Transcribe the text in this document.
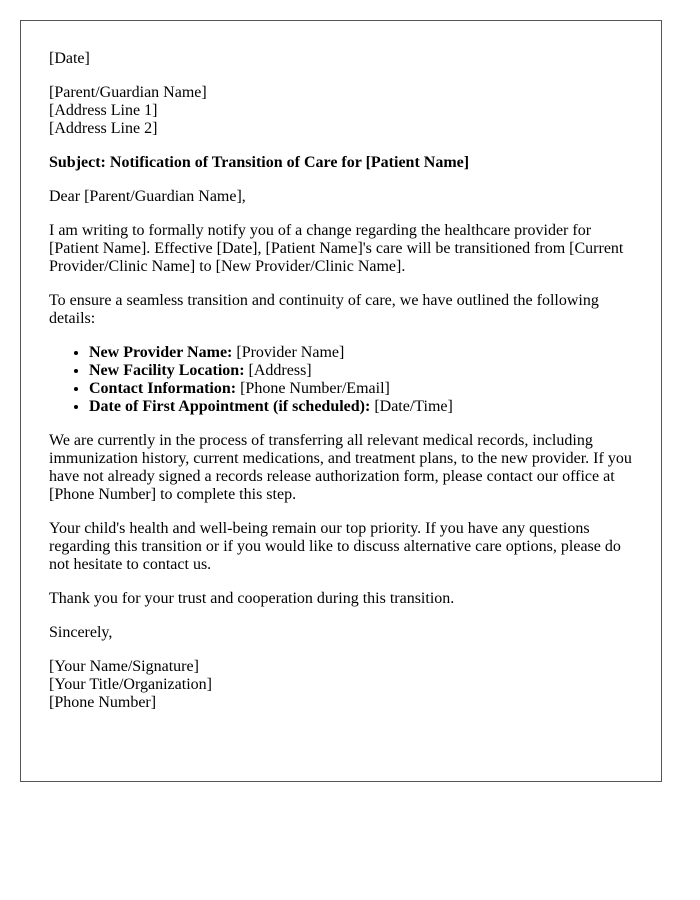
[Date]

[Parent/Guardian Name]
[Address Line 1]
[Address Line 2]

Subject: Notification of Transition of Care for [Patient Name]

Dear [Parent/Guardian Name],

I am writing to formally notify you of a change regarding the healthcare provider for [Patient Name]. Effective [Date], [Patient Name]'s care will be transitioned from [Current Provider/Clinic Name] to [New Provider/Clinic Name].

To ensure a seamless transition and continuity of care, we have outlined the following details:

• New Provider Name: [Provider Name]
• New Facility Location: [Address]
• Contact Information: [Phone Number/Email]
• Date of First Appointment (if scheduled): [Date/Time]

We are currently in the process of transferring all relevant medical records, including immunization history, current medications, and treatment plans, to the new provider. If you have not already signed a records release authorization form, please contact our office at [Phone Number] to complete this step.

Your child's health and well-being remain our top priority. If you have any questions regarding this transition or if you would like to discuss alternative care options, please do not hesitate to contact us.

Thank you for your trust and cooperation during this transition.

Sincerely,

[Your Name/Signature]
[Your Title/Organization]
[Phone Number]
